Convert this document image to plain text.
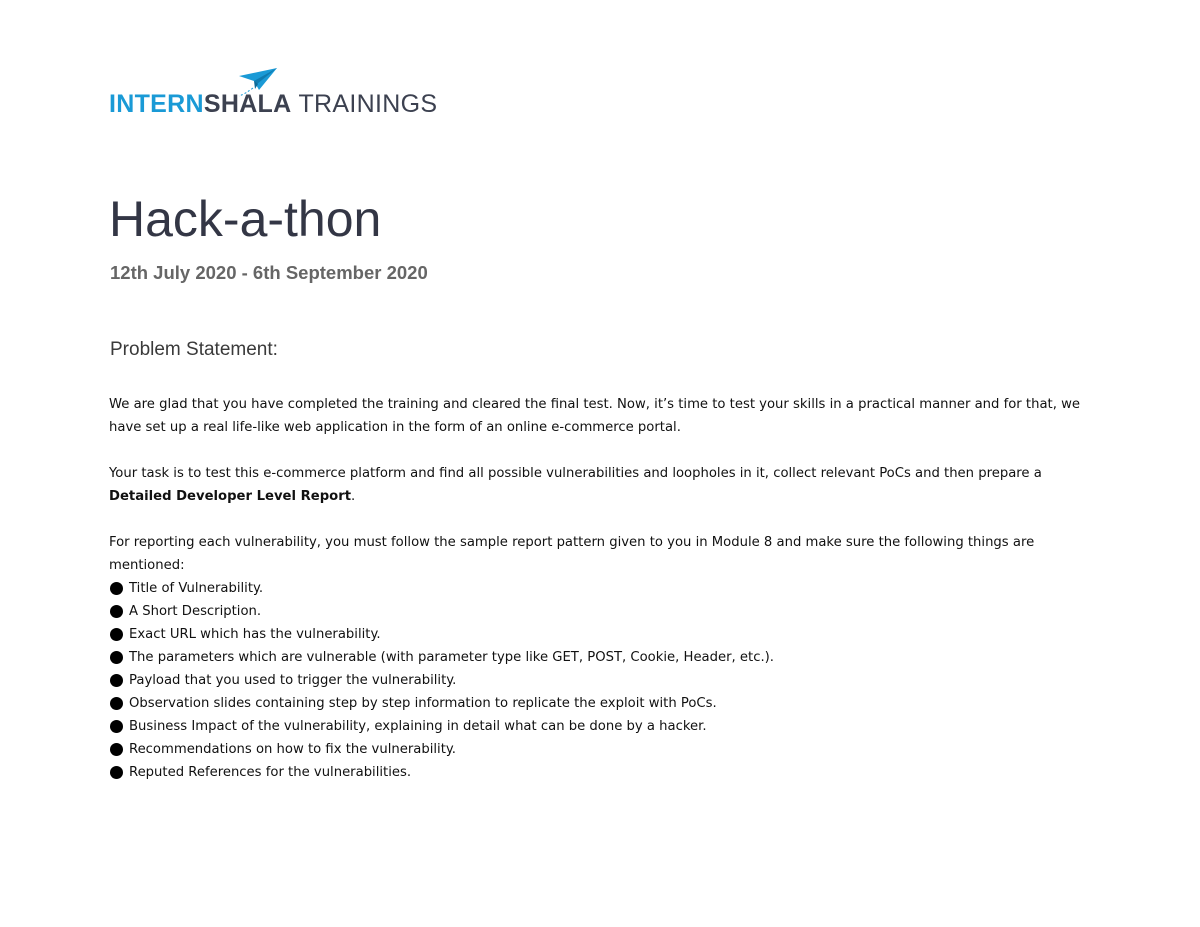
INTERNSHALA TRAININGS
Hack-a-thon
12th July 2020 - 6th September 2020
Problem Statement:

We are glad that you have completed the training and cleared the final test. Now, it’s time to test your skills in a practical manner and for that, we have set up a real life-like web application in the form of an online e-commerce portal.

Your task is to test this e-commerce platform and find all possible vulnerabilities and loopholes in it, collect relevant PoCs and then prepare a Detailed Developer Level Report.

For reporting each vulnerability, you must follow the sample report pattern given to you in Module 8 and make sure the following things are mentioned:

Title of Vulnerability.
A Short Description.
Exact URL which has the vulnerability.
The parameters which are vulnerable (with parameter type like GET, POST, Cookie, Header, etc.).
Payload that you used to trigger the vulnerability.
Observation slides containing step by step information to replicate the exploit with PoCs.
Business Impact of the vulnerability, explaining in detail what can be done by a hacker.
Recommendations on how to fix the vulnerability.
Reputed References for the vulnerabilities.
